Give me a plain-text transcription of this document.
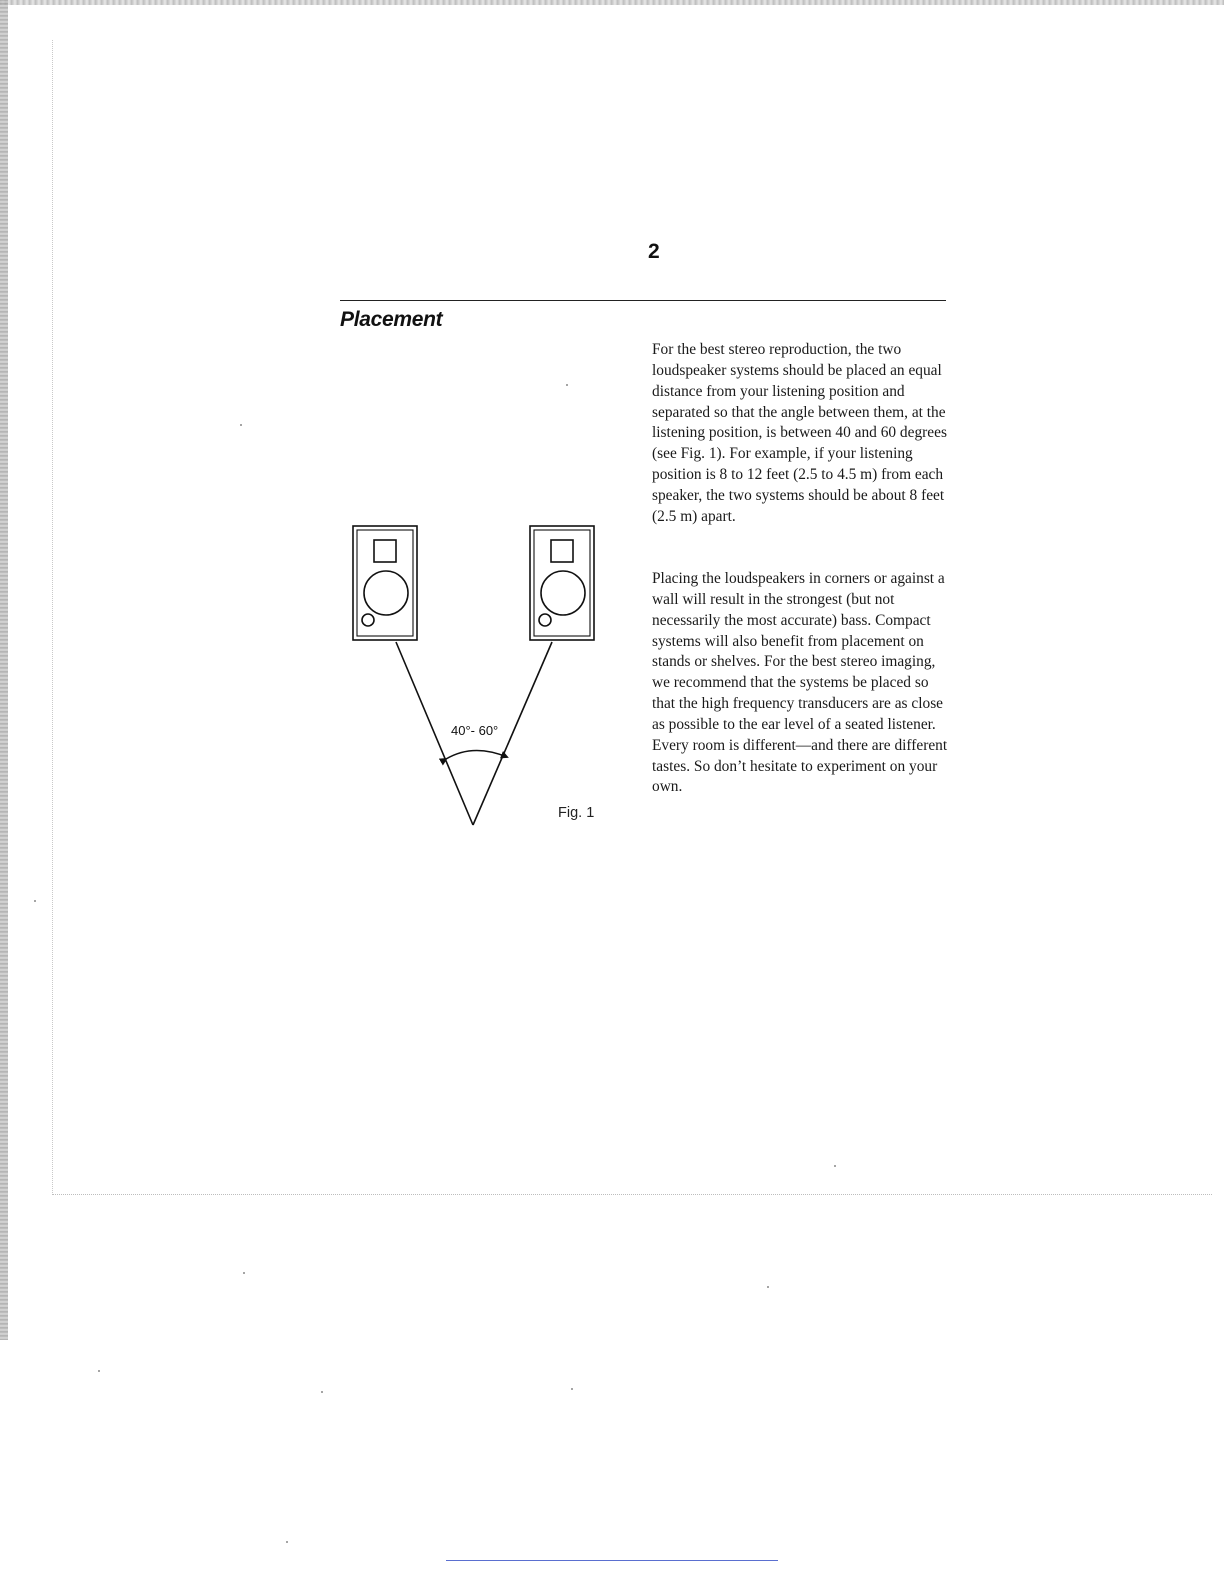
2

Placement

For the best stereo reproduction, the two loudspeaker systems should be placed an equal distance from your listening position and separated so that the angle between them, at the listening position, is between 40 and 60 degrees (see Fig. 1). For example, if your listening position is 8 to 12 feet (2.5 to 4.5 m) from each speaker, the two systems should be about 8 feet (2.5 m) apart.

Placing the loudspeakers in corners or against a wall will result in the strongest (but not necessarily the most accurate) bass. Compact systems will also benefit from placement on stands or shelves. For the best stereo imaging, we recommend that the systems be placed so that the high frequency transducers are as close as possible to the ear level of a seated listener. Every room is different—and there are different tastes. So don’t hesitate to experiment on your own.

40°- 60°
Fig. 1
